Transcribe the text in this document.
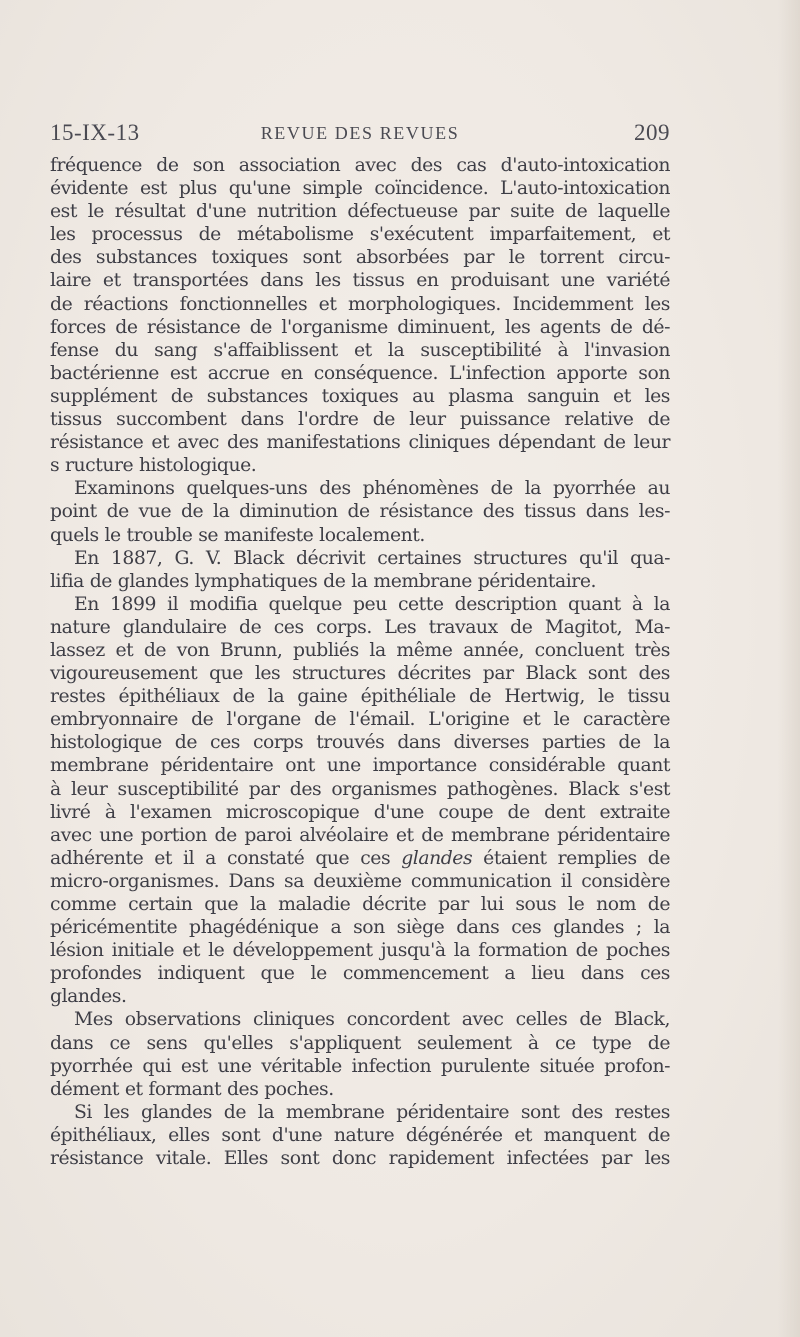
15-IX-13	REVUE DES REVUES	209
fréquence de son association avec des cas d'auto-intoxication
évidente est plus qu'une simple coïncidence. L'auto-intoxication
est le résultat d'une nutrition défectueuse par suite de laquelle
les processus de métabolisme s'exécutent imparfaitement, et
des substances toxiques sont absorbées par le torrent circu-
laire et transportées dans les tissus en produisant une variété
de réactions fonctionnelles et morphologiques. Incidemment les
forces de résistance de l'organisme diminuent, les agents de dé-
fense du sang s'affaiblissent et la susceptibilité à l'invasion
bactérienne est accrue en conséquence. L'infection apporte son
supplément de substances toxiques au plasma sanguin et les
tissus succombent dans l'ordre de leur puissance relative de
résistance et avec des manifestations cliniques dépendant de leur
s ructure histologique.
Examinons quelques-uns des phénomènes de la pyorrhée au
point de vue de la diminution de résistance des tissus dans les-
quels le trouble se manifeste localement.
En 1887, G. V. Black décrivit certaines structures qu'il qua-
lifia de glandes lymphatiques de la membrane péridentaire.
En 1899 il modifia quelque peu cette description quant à la
nature glandulaire de ces corps. Les travaux de Magitot, Ma-
lassez et de von Brunn, publiés la même année, concluent très
vigoureusement que les structures décrites par Black sont des
restes épithéliaux de la gaine épithéliale de Hertwig, le tissu
embryonnaire de l'organe de l'émail. L'origine et le caractère
histologique de ces corps trouvés dans diverses parties de la
membrane péridentaire ont une importance considérable quant
à leur susceptibilité par des organismes pathogènes. Black s'est
livré à l'examen microscopique d'une coupe de dent extraite
avec une portion de paroi alvéolaire et de membrane péridentaire
adhérente et il a constaté que ces glandes étaient remplies de
micro-organismes. Dans sa deuxième communication il considère
comme certain que la maladie décrite par lui sous le nom de
péricémentite phagédénique a son siège dans ces glandes ; la
lésion initiale et le développement jusqu'à la formation de poches
profondes indiquent que le commencement a lieu dans ces
glandes.
Mes observations cliniques concordent avec celles de Black,
dans ce sens qu'elles s'appliquent seulement à ce type de
pyorrhée qui est une véritable infection purulente située profon-
dément et formant des poches.
Si les glandes de la membrane péridentaire sont des restes
épithéliaux, elles sont d'une nature dégénérée et manquent de
résistance vitale. Elles sont donc rapidement infectées par les
